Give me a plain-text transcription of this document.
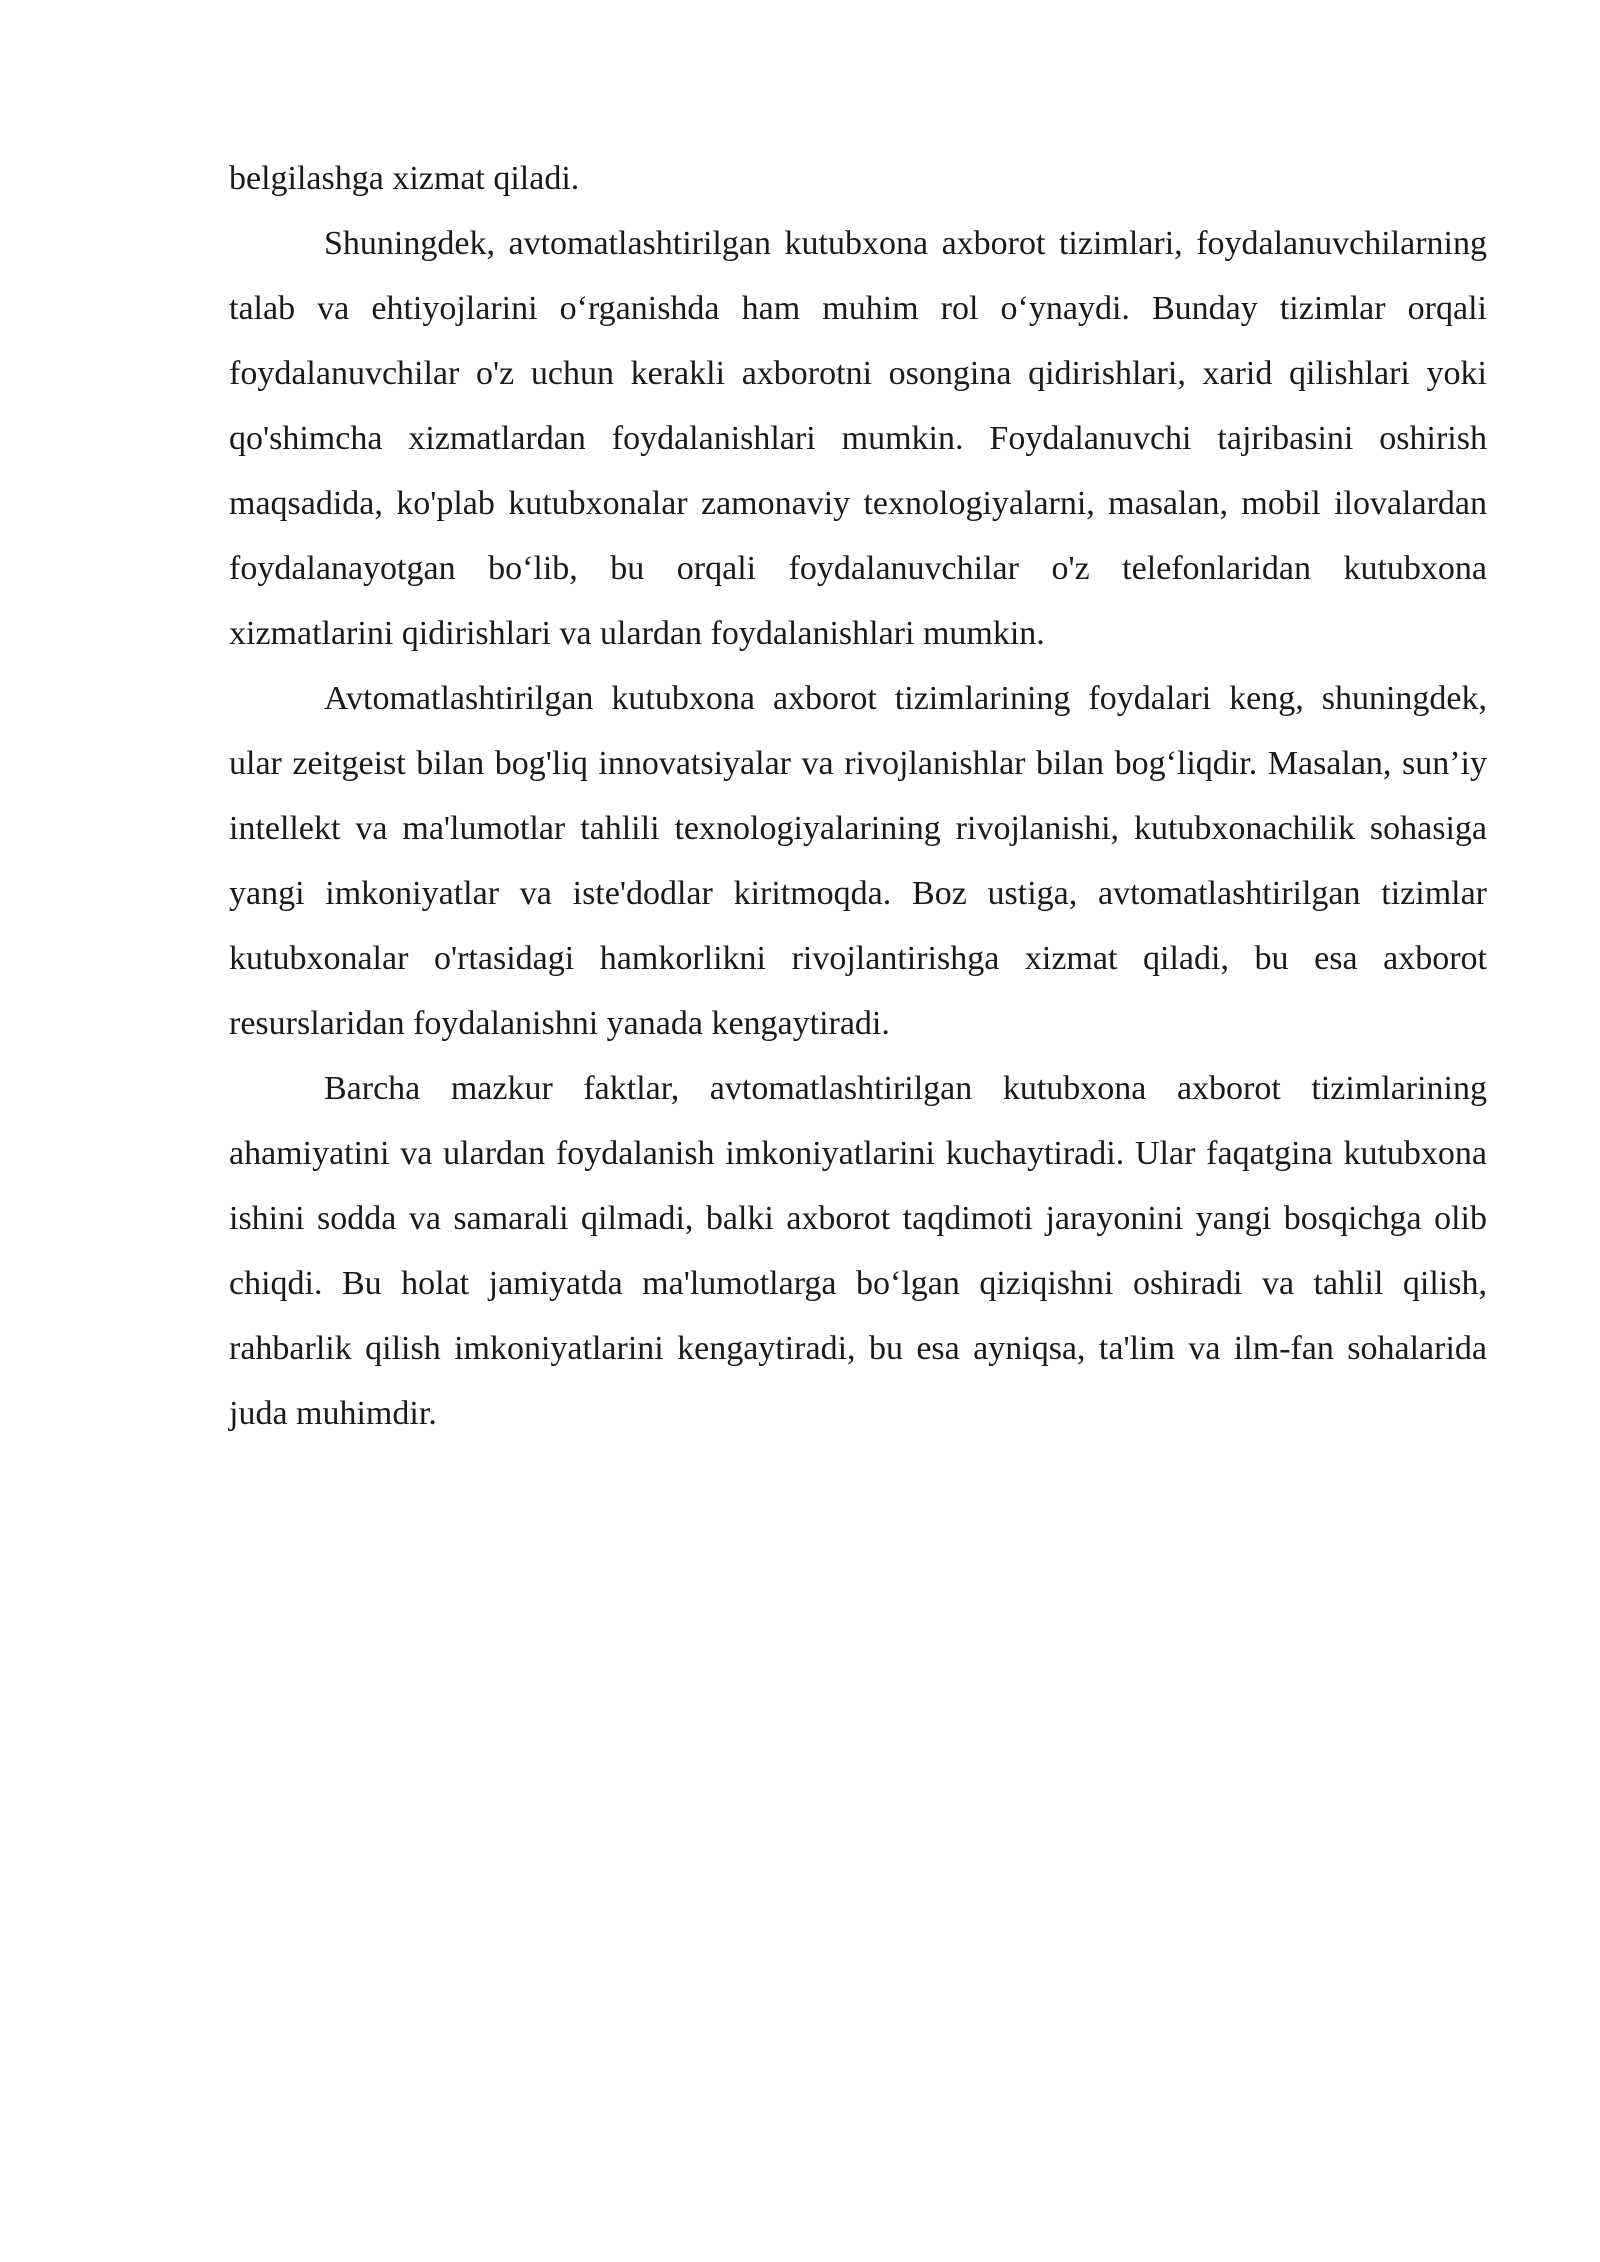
belgilashga xizmat qiladi.

Shuningdek, avtomatlashtirilgan kutubxona axborot tizimlari, foydalanuvchilarning talab va ehtiyojlarini o‘rganishda ham muhim rol o‘ynaydi. Bunday tizimlar orqali foydalanuvchilar o'z uchun kerakli axborotni osongina qidirishlari, xarid qilishlari yoki qo'shimcha xizmatlardan foydalanishlari mumkin. Foydalanuvchi tajribasini oshirish maqsadida, ko'plab kutubxonalar zamonaviy texnologiyalarni, masalan, mobil ilovalardan foydalanayotgan bo‘lib, bu orqali foydalanuvchilar o'z telefonlaridan kutubxona xizmatlarini qidirishlari va ulardan foydalanishlari mumkin.

Avtomatlashtirilgan kutubxona axborot tizimlarining foydalari keng, shuningdek, ular zeitgeist bilan bog'liq innovatsiyalar va rivojlanishlar bilan bog‘liqdir. Masalan, sun’iy intellekt va ma'lumotlar tahlili texnologiyalarining rivojlanishi, kutubxonachilik sohasiga yangi imkoniyatlar va iste'dodlar kiritmoqda. Boz ustiga, avtomatlashtirilgan tizimlar kutubxonalar o'rtasidagi hamkorlikni rivojlantirishga xizmat qiladi, bu esa axborot resurslaridan foydalanishni yanada kengaytiradi.

Barcha mazkur faktlar, avtomatlashtirilgan kutubxona axborot tizimlarining ahamiyatini va ulardan foydalanish imkoniyatlarini kuchaytiradi. Ular faqatgina kutubxona ishini sodda va samarali qilmadi, balki axborot taqdimoti jarayonini yangi bosqichga olib chiqdi. Bu holat jamiyatda ma'lumotlarga bo‘lgan qiziqishni oshiradi va tahlil qilish, rahbarlik qilish imkoniyatlarini kengaytiradi, bu esa ayniqsa, ta'lim va ilm-fan sohalarida juda muhimdir.
